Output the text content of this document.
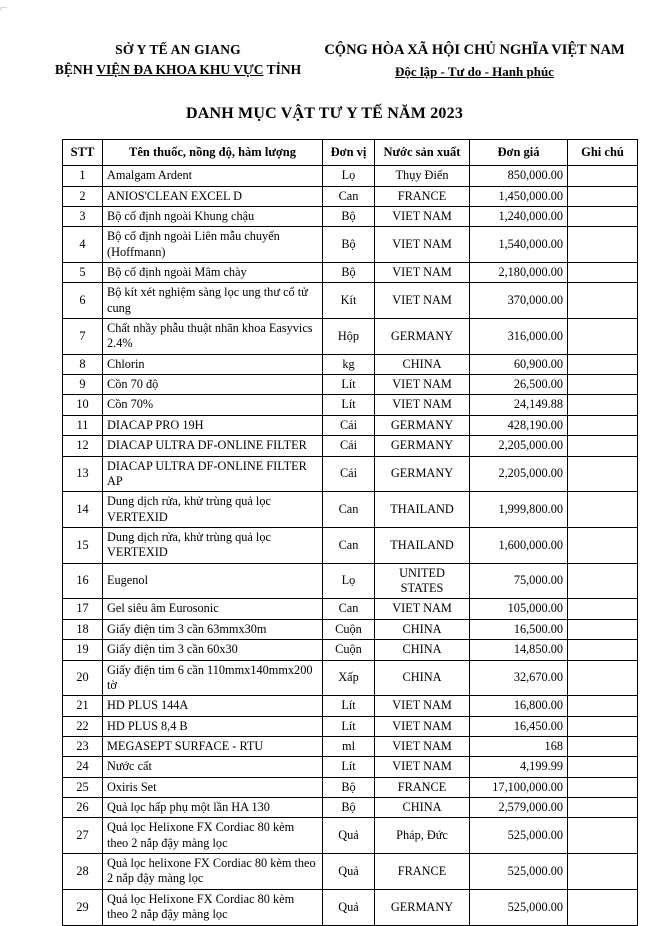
⌐
SỞ Y TẾ AN GIANG
BỆNH VIỆN ĐA KHOA KHU VỰC TỈNH
CỘNG HÒA XÃ HỘI CHỦ NGHĨA VIỆT NAM
Độc lập - Tư do - Hanh phúc
DANH MỤC VẬT TƯ Y TẾ NĂM 2023
STT	Tên thuốc, nồng độ, hàm lượng	Đơn vị	Nước sản xuất	Đơn giá	Ghi chú
1	Amalgam Ardent	Lọ	Thụy Điển	850,000.00	
2	ANIOS'CLEAN EXCEL D	Can	FRANCE	1,450,000.00	
3	Bộ cố định ngoài Khung chậu	Bộ	VIET NAM	1,240,000.00	
4	Bộ cố định ngoài Liên mẫu chuyển (Hoffmann)	Bộ	VIET NAM	1,540,000.00	
5	Bộ cố định ngoài Mâm chày	Bộ	VIET NAM	2,180,000.00	
6	Bộ kít xét nghiệm sàng lọc ung thư cổ tử cung	Kít	VIET NAM	370,000.00	
7	Chất nhầy phẫu thuật nhãn khoa Easyvics 2.4%	Hộp	GERMANY	316,000.00	
8	Chlorin	kg	CHINA	60,900.00	
9	Cồn 70 độ	Lít	VIET NAM	26,500.00	
10	Cồn 70%	Lít	VIET NAM	24,149.88	
11	DIACAP PRO 19H	Cái	GERMANY	428,190.00	
12	DIACAP ULTRA DF-ONLINE FILTER	Cái	GERMANY	2,205,000.00	
13	DIACAP ULTRA DF-ONLINE FILTER AP	Cái	GERMANY	2,205,000.00	
14	Dung dịch rửa, khử trùng quả lọc VERTEXID	Can	THAILAND	1,999,800.00	
15	Dung dịch rửa, khử trùng quả lọc VERTEXID	Can	THAILAND	1,600,000.00	
16	Eugenol	Lọ	UNITED STATES	75,000.00	
17	Gel siêu âm Eurosonic	Can	VIET NAM	105,000.00	
18	Giấy điện tim 3 cần 63mmx30m	Cuộn	CHINA	16,500.00	
19	Giấy điện tim 3 cần 60x30	Cuộn	CHINA	14,850.00	
20	Giấy điện tim 6 cần 110mmx140mmx200 tờ	Xấp	CHINA	32,670.00	
21	HD PLUS 144A	Lít	VIET NAM	16,800.00	
22	HD PLUS 8,4 B	Lít	VIET NAM	16,450.00	
23	MEGASEPT SURFACE - RTU	ml	VIET NAM	168	
24	Nước cất	Lít	VIET NAM	4,199.99	
25	Oxiris Set	Bộ	FRANCE	17,100,000.00	
26	Quả lọc hấp phụ một lần HA 130	Bộ	CHINA	2,579,000.00	
27	Quả lọc Helixone FX Cordiac 80 kèm theo 2 nắp đậy màng lọc	Quả	Pháp, Đức	525,000.00	
28	Quả lọc helixone FX Cordiac 80 kèm theo 2 nắp đậy màng lọc	Quả	FRANCE	525,000.00	
29	Quả lọc Helixone FX Cordiac 80 kèm theo 2 nắp đậy màng lọc	Quả	GERMANY	525,000.00	
